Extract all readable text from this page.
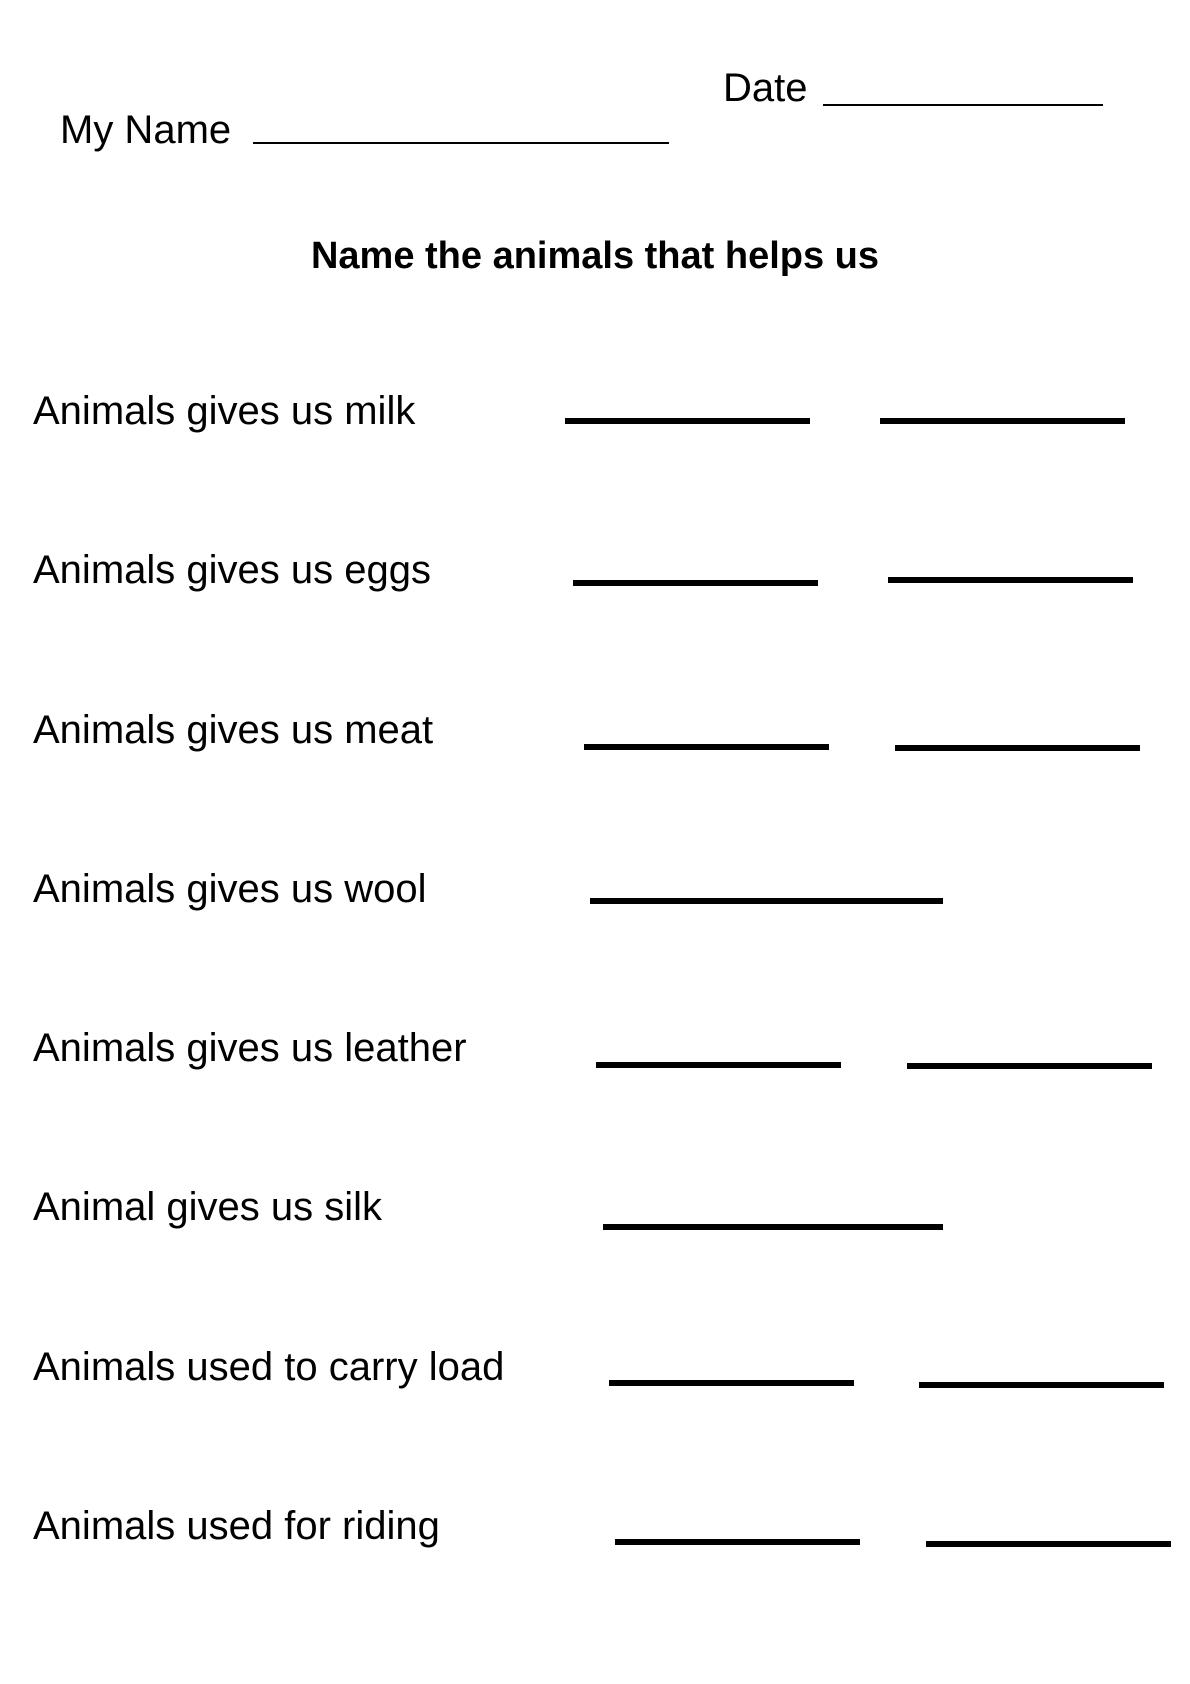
Date
My Name
Name the animals that helps us
Animals gives us milk
Animals gives us eggs
Animals gives us meat
Animals gives us wool
Animals gives us leather
Animal gives us silk
Animals used to carry load
Animals used for riding
